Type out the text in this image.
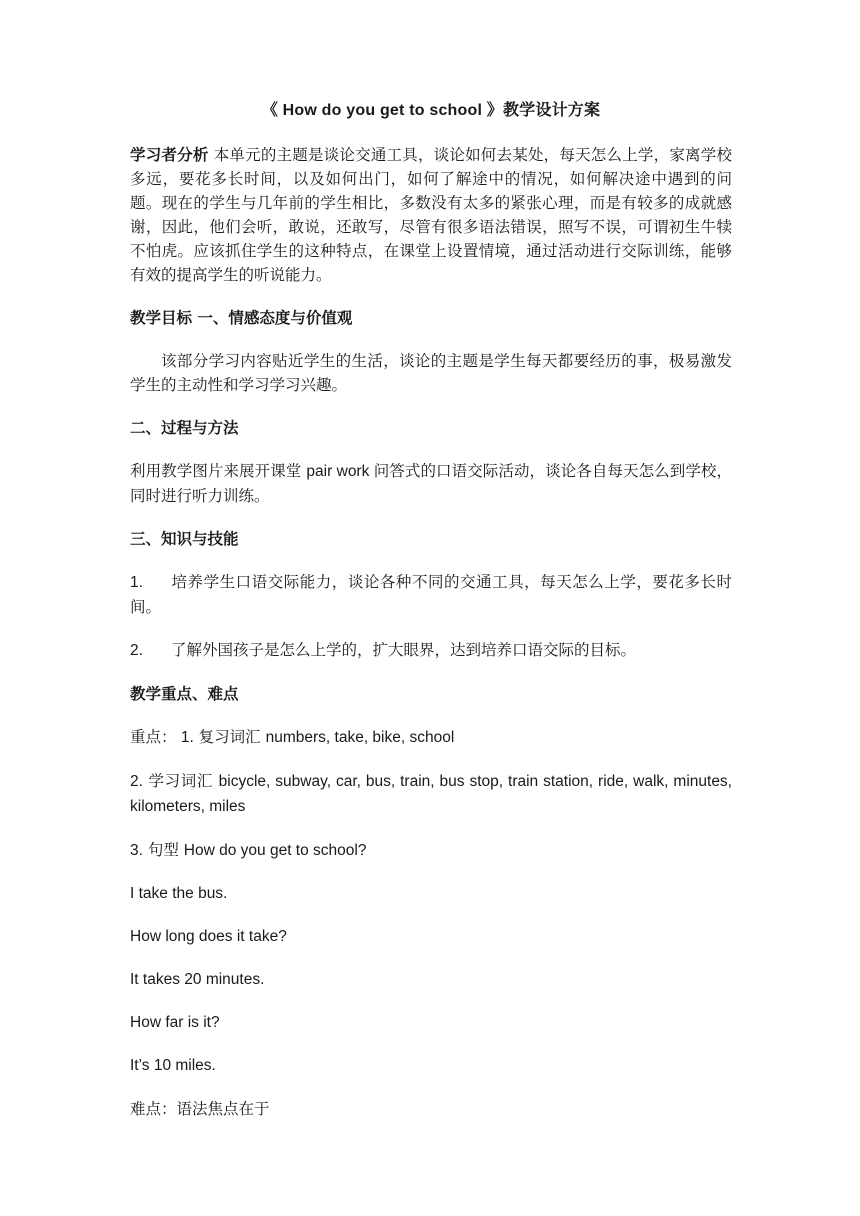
《 How do you get to school 》教学设计方案

学习者分析 本单元的主题是谈论交通工具，谈论如何去某处，每天怎么上学，家离学校多远，要花多长时间，以及如何出门，如何了解途中的情况，如何解决途中遇到的问题。现在的学生与几年前的学生相比，多数没有太多的紧张心理，而是有较多的成就感谢，因此，他们会听，敢说，还敢写，尽管有很多语法错误，照写不误，可谓初生牛犊不怕虎。应该抓住学生的这种特点，在课堂上设置情境，通过活动进行交际训练，能够有效的提高学生的听说能力。

教学目标 一、情感态度与价值观

该部分学习内容贴近学生的生活，谈论的主题是学生每天都要经历的事，极易激发学生的主动性和学习学习兴趣。

二、过程与方法

利用教学图片来展开课堂 pair work 问答式的口语交际活动，谈论各自每天怎么到学校，同时进行听力训练。

三、知识与技能

1. 培养学生口语交际能力，谈论各种不同的交通工具，每天怎么上学，要花多长时间。

2. 了解外国孩子是怎么上学的，扩大眼界，达到培养口语交际的目标。

教学重点、难点

重点： 1. 复习词汇 numbers, take, bike, school

2. 学习词汇 bicycle, subway, car, bus, train, bus stop, train station, ride, walk, minutes, kilometers, miles

3. 句型 How do you get to school?

I take the bus.

How long does it take?

It takes 20 minutes.

How far is it?

It’s 10 miles.

难点：语法焦点在于
